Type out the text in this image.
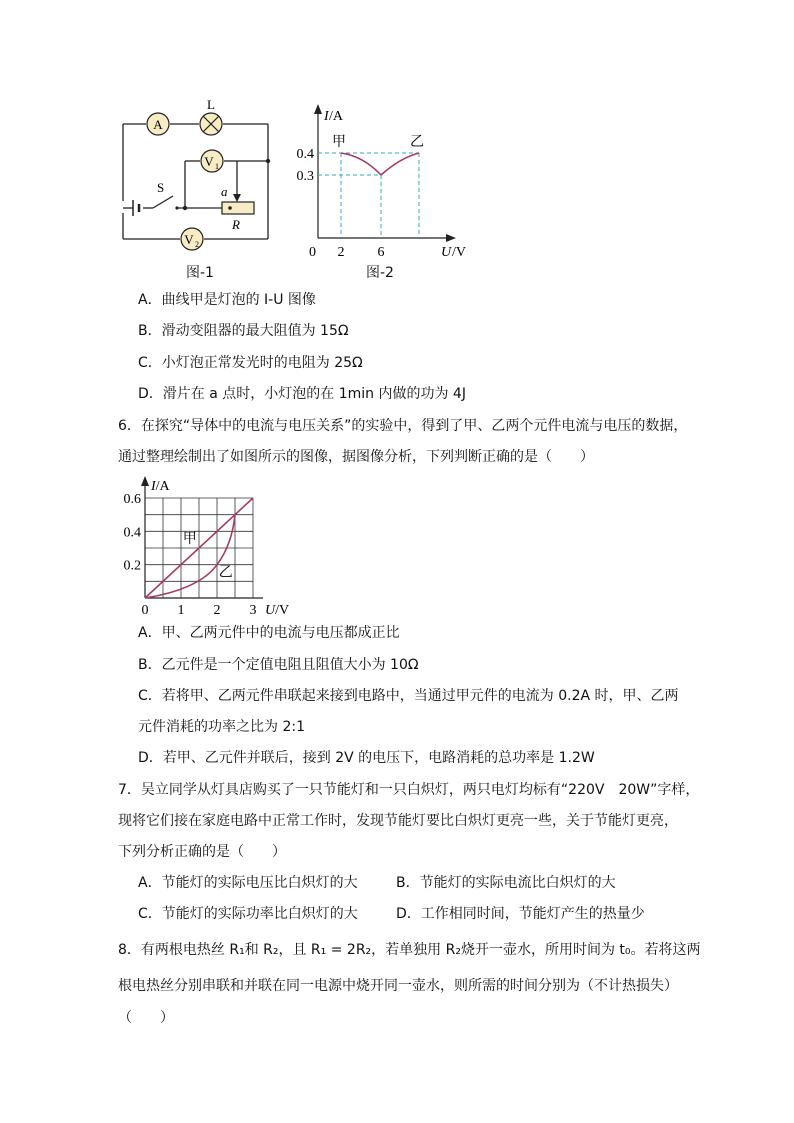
A
L
V 1
V 2
S	a
R
图-1
I /A
U /V
甲	乙
0.4
0.3
0 2 6
图-2
A．曲线甲是灯泡的 I-U 图像
B．滑动变阻器的最大阻值为 15Ω
C．小灯泡正常发光时的电阻为 25Ω
D．滑片在 a 点时，小灯泡的在 1min 内做的功为 4J
6．在探究“导体中的电流与电压关系”的实验中，得到了甲、乙两个元件电流与电压的数据，
通过整理绘制出了如图所示的图像，据图像分析，下列判断正确的是（　　）
0.2
0.4
0.6
0 1 2 3
I/A
U/V
甲
乙
A．甲、乙两元件中的电流与电压都成正比
B．乙元件是一个定值电阻且阻值大小为 10Ω
C．若将甲、乙两元件串联起来接到电路中，当通过甲元件的电流为 0.2A 时，甲、乙两
元件消耗的功率之比为 2:1
D．若甲、乙元件并联后，接到 2V 的电压下，电路消耗的总功率是 1.2W
7．吴立同学从灯具店购买了一只节能灯和一只白炽灯，两只电灯均标有“220V　20W”字样，
现将它们接在家庭电路中正常工作时，发现节能灯要比白炽灯更亮一些，关于节能灯更亮，
下列分析正确的是（　　）
A．节能灯的实际电压比白炽灯的大	B．节能灯的实际电流比白炽灯的大
C．节能灯的实际功率比白炽灯的大	D．工作相同时间，节能灯产生的热量少
8．有两根电热丝 R₁和 R₂，且 R₁ = 2R₂，若单独用 R₂烧开一壶水，所用时间为 t₀。若将这两
根电热丝分别串联和并联在同一电源中烧开同一壶水，则所需的时间分别为（不计热损失）
（　　）
